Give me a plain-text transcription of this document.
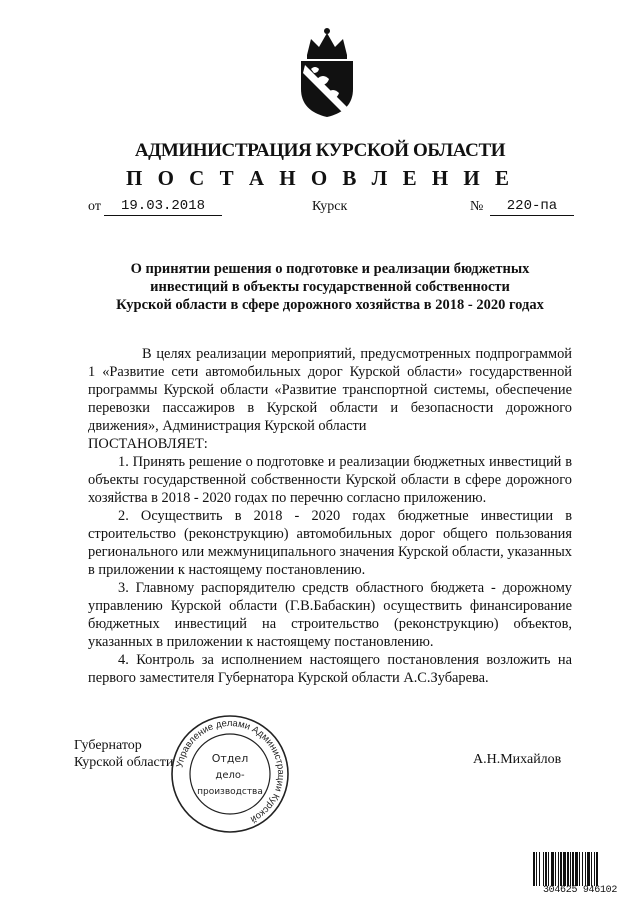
АДМИНИСТРАЦИЯ КУРСКОЙ ОБЛАСТИ
П О С Т А Н О В Л Е Н И Е
от	19.03.2018	Курск	№	220-па
О принятии решения о подготовке и реализации бюджетных
инвестиций в объекты государственной собственности
Курской области в сфере дорожного хозяйства в 2018 - 2020 годах

В целях реализации мероприятий, предусмотренных подпрограммой 1 «Развитие сети автомобильных дорог Курской области» государственной программы Курской области «Развитие транспортной системы, обеспечение перевозки пассажиров в Курской области и безопасности дорожного движения», Администрация Курской области

ПОСТАНОВЛЯЕТ:

1. Принять решение о подготовке и реализации бюджетных инвестиций в объекты государственной собственности Курской области в сфере дорожного хозяйства в 2018 - 2020 годах по перечню согласно приложению.

2. Осуществить в 2018 - 2020 годах бюджетные инвестиции в строительство (реконструкцию) автомобильных дорог общего пользования регионального или межмуниципального значения Курской области, указанных в приложении к настоящему постановлению.

3. Главному распорядителю средств областного бюджета - дорожному управлению Курской области (Г.В.Бабаскин) осуществить финансирование бюджетных инвестиций на строительство (реконструкцию) объектов, указанных в приложении к настоящему постановлению.

4. Контроль за исполнением настоящего постановления возложить на первого заместителя Губернатора Курской области А.С.Зубарева.

Губернатор
Курской области	А.Н.Михайлов
Управление делами Администрации Курской
Отдел
дело-
производства
304625 946102
